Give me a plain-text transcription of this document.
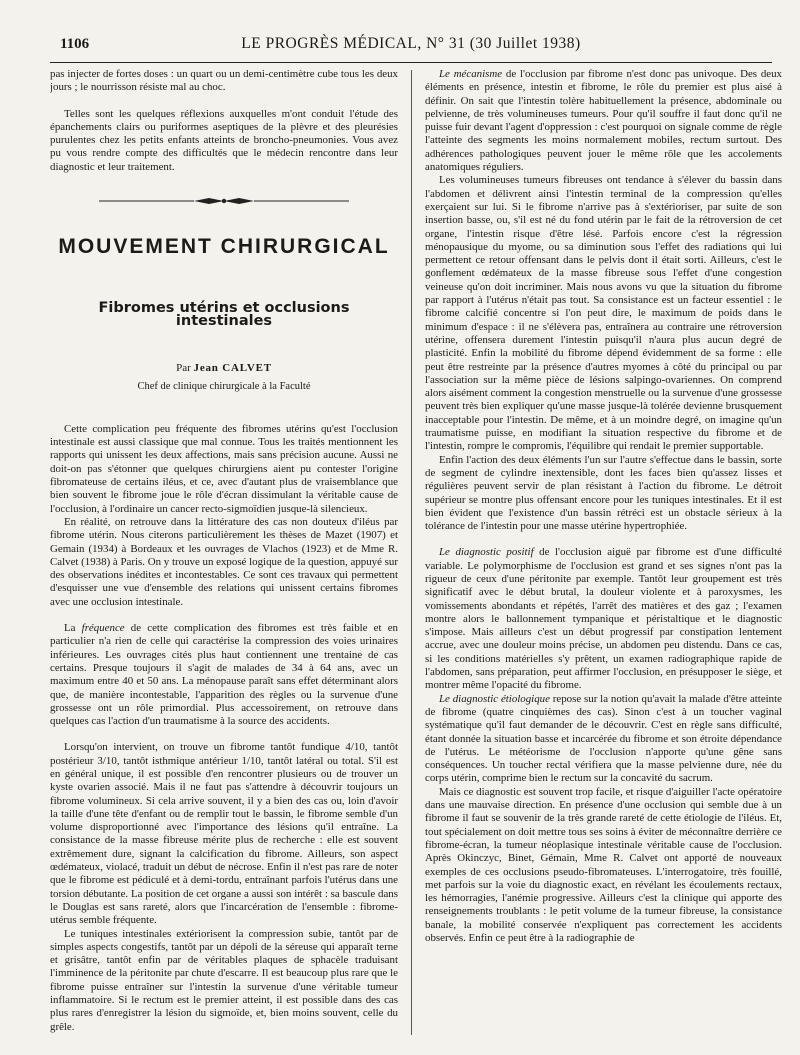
1106	LE PROGRÈS MÉDICAL, N° 31 (30 Juillet 1938)

pas injecter de fortes doses : un quart ou un demi-centimètre cube tous les deux jours ; le nourrisson résiste mal au choc.

Telles sont les quelques réflexions auxquelles m'ont conduit l'étude des épanchements clairs ou puriformes aseptiques de la plèvre et des pleurésies purulentes chez les petits enfants atteints de broncho-pneumonies. Vous avez pu vous rendre compte des difficultés que le médecin rencontre dans leur diagnostic et leur traitement.

MOUVEMENT CHIRURGICAL
Fibromes utérins et occlusions intestinales
Par Jean CALVET
Chef de clinique chirurgicale à la Faculté

Cette complication peu fréquente des fibromes utérins qu'est l'occlusion intestinale est aussi classique que mal connue. Tous les traités mentionnent les rapports qui unissent les deux affections, mais sans précision aucune. Aussi ne doit-on pas s'étonner que quelques chirurgiens aient pu contester l'origine fibromateuse de certains iléus, et ce, avec d'autant plus de vraisemblance que bien souvent le fibrome joue le rôle d'écran dissimulant la véritable cause de l'occlusion, à l'ordinaire un cancer recto-sigmoïdien jusque-là silencieux.

En réalité, on retrouve dans la littérature des cas non douteux d'iléus par fibrome utérin. Nous citerons particulièrement les thèses de Mazet (1907) et Gemain (1934) à Bordeaux et les ouvrages de Vlachos (1923) et de Mme R. Calvet (1938) à Paris. On y trouve un exposé logique de la question, appuyé sur des observations inédites et incontestables. Ce sont ces travaux qui permettent d'esquisser une vue d'ensemble des relations qui unissent certains fibromes avec une occlusion intestinale.

La fréquence de cette complication des fibromes est très faible et en particulier n'a rien de celle qui caractérise la compression des voies urinaires inférieures. Les ouvrages cités plus haut contiennent une trentaine de cas certains. Presque toujours il s'agit de malades de 34 à 64 ans, avec un maximum entre 40 et 50 ans. La ménopause paraît sans effet déterminant alors que, de manière incontestable, l'apparition des règles ou la survenue d'une grossesse ont un rôle primordial. Plus accessoirement, on retrouve dans quelques cas l'action d'un traumatisme à la source des accidents.

Lorsqu'on intervient, on trouve un fibrome tantôt fundique 4/10, tantôt postérieur 3/10, tantôt isthmique antérieur 1/10, tantôt latéral ou total. S'il est en général unique, il est possible d'en rencontrer plusieurs ou de trouver un kyste ovarien associé. Mais il ne faut pas s'attendre à découvrir toujours un fibrome volumineux. Si cela arrive souvent, il y a bien des cas ou, loin d'avoir la taille d'une tête d'enfant ou de remplir tout le bassin, le fibrome semble d'un volume disproportionné avec l'importance des lésions qu'il entraîne. La consistance de la masse fibreuse mérite plus de recherche : elle est souvent extrêmement dure, signant la calcification du fibrome. Ailleurs, son aspect œdémateux, violacé, traduit un début de nécrose. Enfin il n'est pas rare de noter que le fibrome est pédiculé et à demi-tordu, entraînant parfois l'utérus dans une torsion débutante. La position de cet organe a aussi son intérêt : sa bascule dans le Douglas est sans rareté, alors que l'incarcération de l'ensemble : fibrome-utérus semble fréquente.

Le tuniques intestinales extériorisent la compression subie, tantôt par de simples aspects congestifs, tantôt par un dépoli de la séreuse qui apparaît terne et grisâtre, tantôt enfin par de véritables plaques de sphacèle traduisant l'imminence de la péritonite par chute d'escarre. Il est beaucoup plus rare que le fibrome puisse entraîner sur l'intestin la survenue d'une véritable tumeur inflammatoire. Si le rectum est le premier atteint, il est possible dans des cas plus rares d'enregistrer la lésion du sigmoïde, et, bien moins souvent, celle du grêle.

Le mécanisme de l'occlusion par fibrome n'est donc pas univoque. Des deux éléments en présence, intestin et fibrome, le rôle du premier est plus aisé à définir. On sait que l'intestin tolère habituellement la présence, abdominale ou pelvienne, de très volumineuses tumeurs. Pour qu'il souffre il faut donc qu'il ne puisse fuir devant l'agent d'oppression : c'est pourquoi on signale comme de règle l'atteinte des segments les moins normalement mobiles, rectum surtout. Des adhérences pathologiques peuvent jouer le même rôle que les accolements anatomiques réguliers.

Les volumineuses tumeurs fibreuses ont tendance à s'élever du bassin dans l'abdomen et délivrent ainsi l'intestin terminal de la compression qu'elles exerçaient sur lui. Si le fibrome n'arrive pas à s'extérioriser, par suite de son insertion basse, ou, s'il est né du fond utérin par le fait de la rétroversion de cet organe, l'intestin risque d'être lésé. Parfois encore c'est la régression ménopausique du myome, ou sa diminution sous l'effet des radiations qui lui permettent ce retour offensant dans le pelvis dont il était sorti. Ailleurs, c'est le gonflement œdémateux de la masse fibreuse sous l'effet d'une congestion veineuse qu'on doit incriminer. Mais nous avons vu que la situation du fibrome par rapport à l'utérus n'était pas tout. Sa consistance est un facteur essentiel : le fibrome calcifié concentre si l'on peut dire, le maximum de poids dans le minimum d'espace : il ne s'élèvera pas, entraînera au contraire une rétroversion utérine, offensera durement l'intestin puisqu'il n'aura plus aucun degré de plasticité. Enfin la mobilité du fibrome dépend évidemment de sa forme : elle peut être restreinte par la présence d'autres myomes à côté du principal ou par l'association sur la même pièce de lésions salpingo-ovariennes. On comprend alors aisément comment la congestion menstruelle ou la survenue d'une grossesse peuvent très bien expliquer qu'une masse jusque-là tolérée devienne brusquement inacceptable pour l'intestin. De même, et à un moindre degré, on imagine qu'un traumatisme puisse, en modifiant la situation respective du fibrome et de l'intestin, rompre le compromis, l'équilibre qui rendait le premier supportable.

Enfin l'action des deux éléments l'un sur l'autre s'effectue dans le bassin, sorte de segment de cylindre inextensible, dont les faces bien qu'assez lisses et régulières peuvent servir de plan résistant à l'action du fibrome. Le détroit supérieur se montre plus offensant encore pour les tuniques intestinales. Et il est bien évident que l'existence d'un bassin rétréci est un obstacle sérieux à la tolérance de l'intestin pour une masse utérine hypertrophiée.

Le diagnostic positif de l'occlusion aiguë par fibrome est d'une difficulté variable. Le polymorphisme de l'occlusion est grand et ses signes n'ont pas la rigueur de ceux d'une péritonite par exemple. Tantôt leur groupement est très significatif avec le début brutal, la douleur violente et à paroxysmes, les vomissements abondants et répétés, l'arrêt des matières et des gaz ; l'examen montre alors le ballonnement tympanique et péristaltique et le diagnostic s'impose. Mais ailleurs c'est un début progressif par constipation lentement accrue, avec une douleur moins précise, un abdomen peu distendu. Dans ce cas, si les conditions matérielles s'y prêtent, un examen radiographique rapide de l'abdomen, sans préparation, peut affirmer l'occlusion, en présupposer le siège, et montrer même l'opacité du fibrome.

Le diagnostic étiologique repose sur la notion qu'avait la malade d'être atteinte de fibrome (quatre cinquièmes des cas). Sinon c'est à un toucher vaginal systématique qu'il faut demander de le découvrir. C'est en règle sans difficulté, étant donnée la situation basse et incarcérée du fibrome et son étroite dépendance de l'utérus. Le météorisme de l'occlusion n'apporte qu'une gêne sans conséquences. Un toucher rectal vérifiera que la masse pelvienne dure, née du corps utérin, comprime bien le rectum sur la concavité du sacrum.

Mais ce diagnostic est souvent trop facile, et risque d'aiguiller l'acte opératoire dans une mauvaise direction. En présence d'une occlusion qui semble due à un fibrome il faut se souvenir de la très grande rareté de cette étiologie de l'iléus. Et, tout spécialement on doit mettre tous ses soins à éviter de méconnaître derrière ce fibrome-écran, la tumeur néoplasique intestinale véritable cause de l'occlusion. Après Okinczyc, Binet, Gémain, Mme R. Calvet ont apporté de nouveaux exemples de ces occlusions pseudo-fibromateuses. L'interrogatoire, très fouillé, met parfois sur la voie du diagnostic exact, en révélant les écoulements rectaux, les hémorragies, l'anémie progressive. Ailleurs c'est la clinique qui apporte des renseignements troublants : le petit volume de la tumeur fibreuse, la consistance banale, la mobilité conservée n'expliquent pas correctement les accidents observés. Enfin ce peut être à la radiographie de
